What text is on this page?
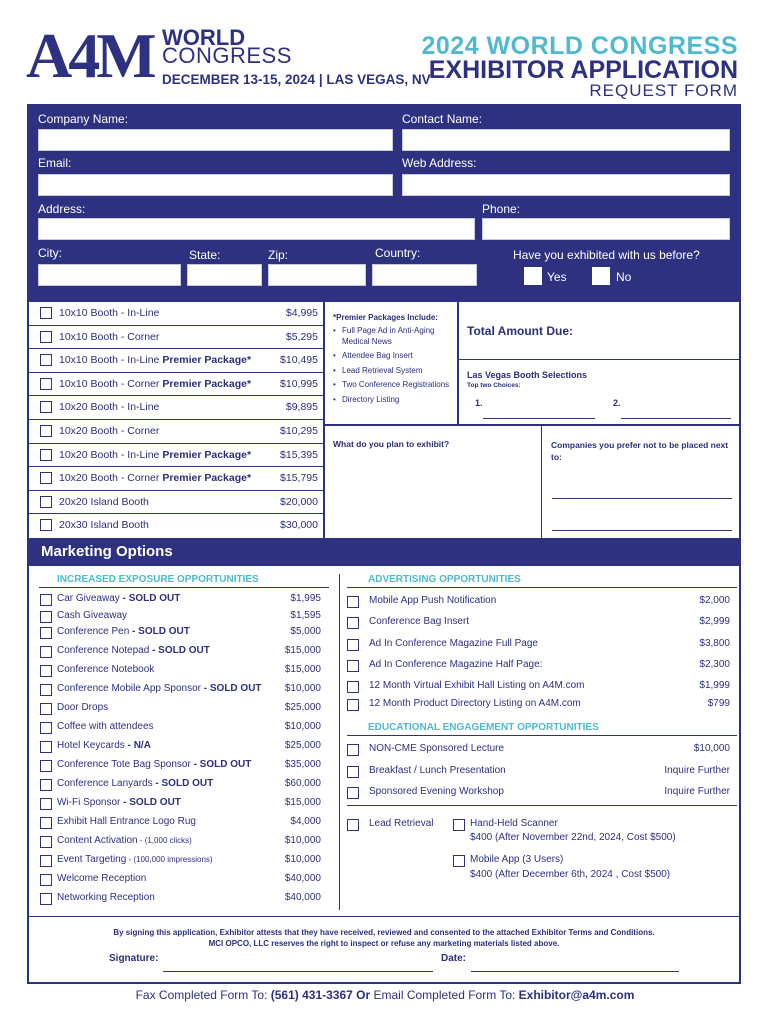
A4M WORLD
CONGRESS
DECEMBER 13-15, 2024 | LAS VEGAS, NV
2024 WORLD CONGRESS
EXHIBITOR APPLICATION
REQUEST FORM
Company Name:	Contact Name:
Email:	Web Address:
Address:	Phone:
City:	State:	Zip:	Country:	Have you exhibited with us before?
Yes	No
10x10 Booth - In-Line	$4,995
10x10 Booth - Corner	$5,295
10x10 Booth - In-Line Premier Package*	$10,495
10x10 Booth - Corner Premier Package*	$10,995
10x20 Booth - In-Line	$9,895
10x20 Booth - Corner	$10,295
10x20 Booth - In-Line Premier Package*	$15,395
10x20 Booth - Corner Premier Package*	$15,795
20x20 Island Booth	$20,000
20x30 Island Booth	$30,000
*Premier Packages Include:
• Full Page Ad in Anti-Aging Medical News
• Attendee Bag Insert
• Lead Retrieval System
• Two Conference Registrations
• Directory Listing
Total Amount Due:
Las Vegas Booth Selections
Top two Choices:
1.	2.
What do you plan to exhibit?	Companies you prefer not to be placed next to:
Marketing Options
INCREASED EXPOSURE OPPORTUNITIES
Car Giveaway - SOLD OUT	$1,995
Cash Giveaway	$1,595
Conference Pen - SOLD OUT	$5,000
Conference Notepad - SOLD OUT	$15,000
Conference Notebook	$15,000
Conference Mobile App Sponsor - SOLD OUT $10,000
Door Drops	$25,000
Coffee with attendees	$10,000
Hotel Keycards - N/A	$25,000
Conference Tote Bag Sponsor - SOLD OUT	$35,000
Conference Lanyards - SOLD OUT	$60,000
Wi-Fi Sponsor - SOLD OUT	$15,000
Exhibit Hall Entrance Logo Rug	$4,000
Content Activation - (1,000 clicks)	$10,000
Event Targeting - (100,000 impressions)	$10,000
Welcome Reception	$40,000
Networking Reception	$40,000
ADVERTISING OPPORTUNITIES
Mobile App Push Notification	$2,000
Conference Bag Insert	$2,999
Ad In Conference Magazine Full Page	$3,800
Ad In Conference Magazine Half Page:	$2,300
12 Month Virtual Exhibit Hall Listing on A4M.com	$1,999
12 Month Product Directory Listing on A4M.com	$799
EDUCATIONAL ENGAGEMENT OPPORTUNITIES
NON-CME Sponsored Lecture	$10,000
Breakfast / Lunch Presentation	Inquire Further
Sponsored Evening Workshop	Inquire Further
Lead Retrieval	Hand-Held Scanner
$400 (After November 22nd, 2024, Cost $500)
Mobile App (3 Users)
$400 (After December 6th, 2024 , Cost $500)
By signing this application, Exhibitor attests that they have received, reviewed and consented to the attached Exhibitor Terms and Conditions.
MCI OPCO, LLC reserves the right to inspect or refuse any marketing materials listed above.
Signature:	Date:
Fax Completed Form To: (561) 431-3367 Or Email Completed Form To: Exhibitor@a4m.com
